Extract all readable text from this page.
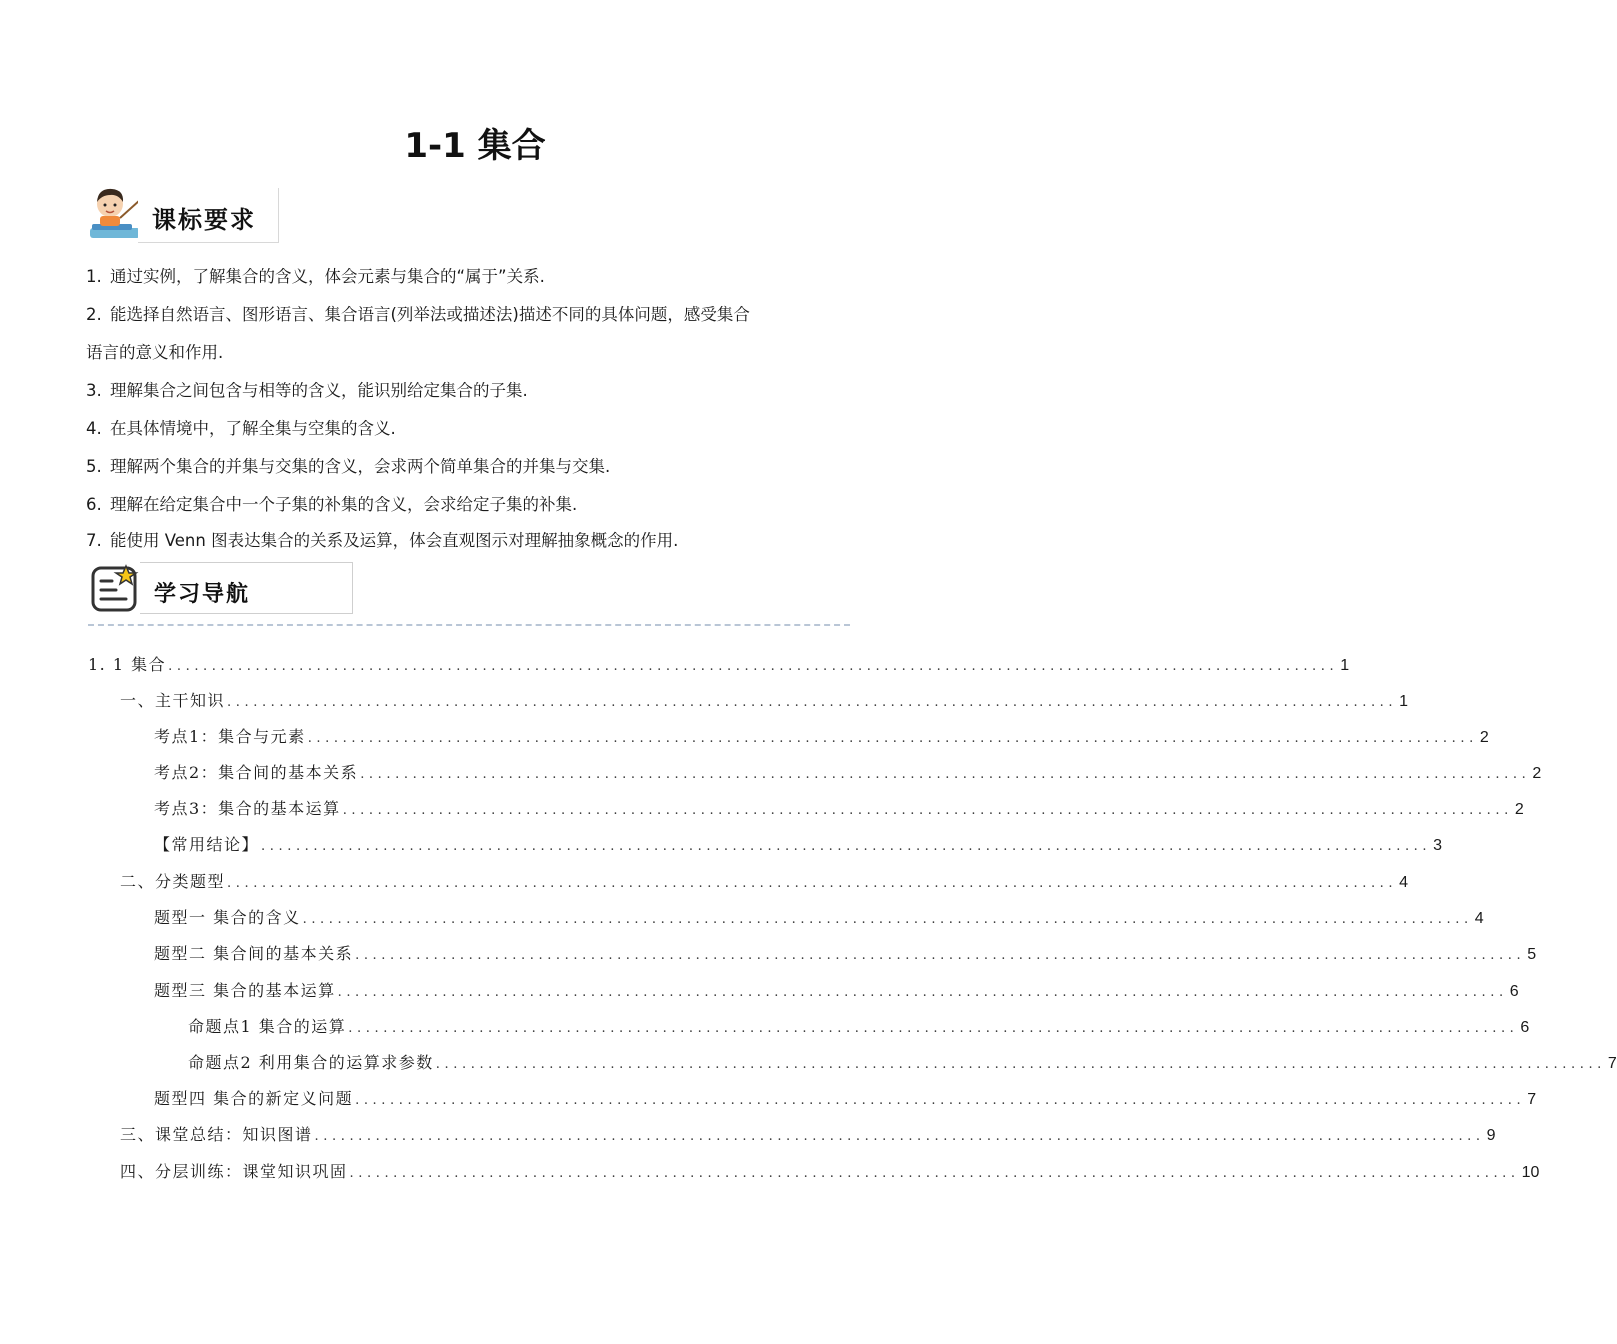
1-1 集合
课标要求
1. 通过实例，了解集合的含义，体会元素与集合的“属于”关系.
2. 能选择自然语言、图形语言、集合语言(列举法或描述法)描述不同的具体问题，感受集合
语言的意义和作用.
3. 理解集合之间包含与相等的含义，能识别给定集合的子集.
4. 在具体情境中，了解全集与空集的含义.
5. 理解两个集合的并集与交集的含义，会求两个简单集合的并集与交集.
6. 理解在给定集合中一个子集的补集的含义，会求给定子集的补集.
7. 能使用 Venn 图表达集合的关系及运算，体会直观图示对理解抽象概念的作用.
学习导航
1. 1 集合 ...................................................................................................................................... 1
一、主干知识 ...................................................................................................................................... 1
考点1：集合与元素 ...................................................................................................................................... 2
考点2：集合间的基本关系 ...................................................................................................................................... 2
考点3：集合的基本运算 ...................................................................................................................................... 2
【常用结论】 ...................................................................................................................................... 3
二、分类题型 ...................................................................................................................................... 4
题型一 集合的含义 ...................................................................................................................................... 4
题型二 集合间的基本关系 ...................................................................................................................................... 5
题型三 集合的基本运算 ...................................................................................................................................... 6
命题点1 集合的运算 ...................................................................................................................................... 6
命题点2 利用集合的运算求参数 ...................................................................................................................................... 7
题型四 集合的新定义问题 ...................................................................................................................................... 7
三、课堂总结：知识图谱 ...................................................................................................................................... 9
四、分层训练：课堂知识巩固 ...................................................................................................................................... 10
